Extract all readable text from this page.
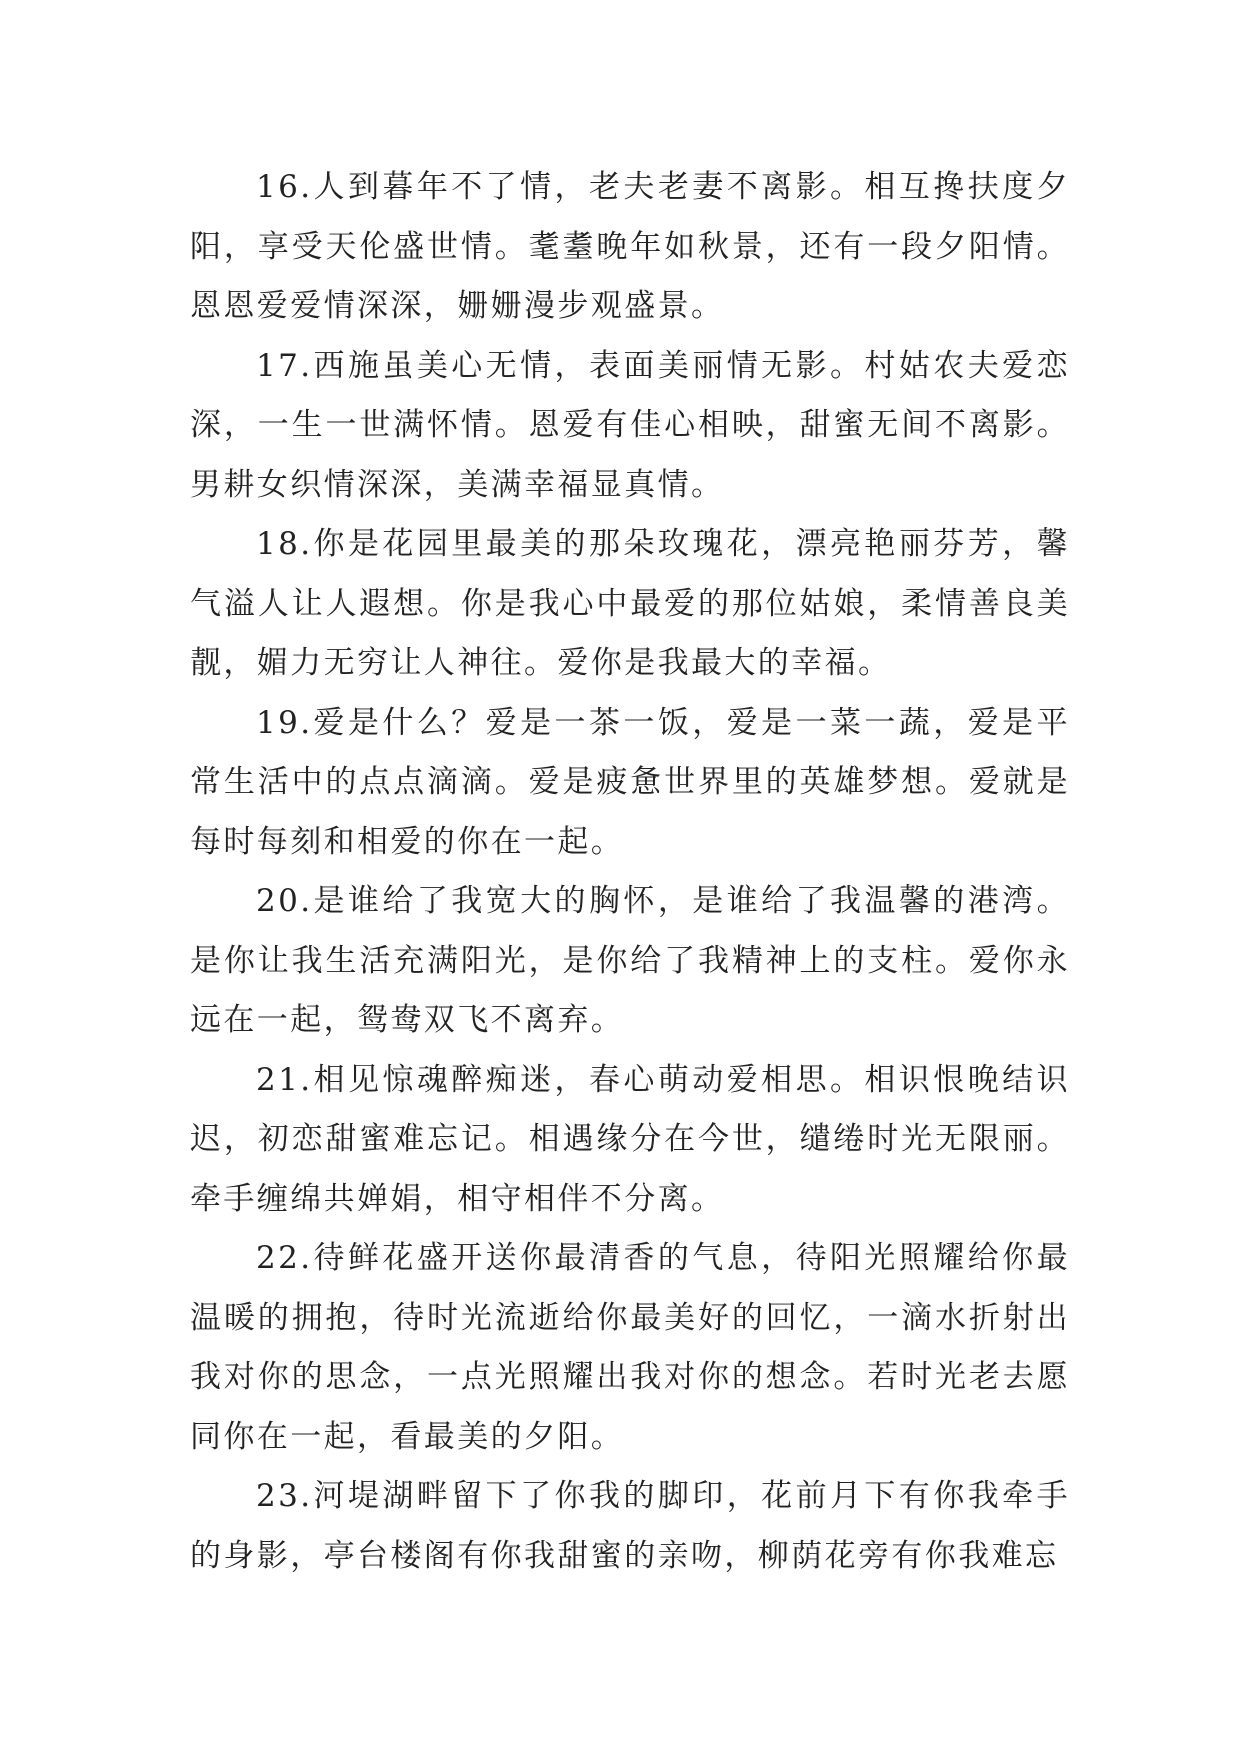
16.人到暮年不了情，老夫老妻不离影。相互搀扶度夕阳，享受天伦盛世情。耄耋晚年如秋景，还有一段夕阳情。恩恩爱爱情深深，姗姗漫步观盛景。

17.西施虽美心无情，表面美丽情无影。村姑农夫爱恋深，一生一世满怀情。恩爱有佳心相映，甜蜜无间不离影。男耕女织情深深，美满幸福显真情。

18.你是花园里最美的那朵玫瑰花，漂亮艳丽芬芳，馨气溢人让人遐想。你是我心中最爱的那位姑娘，柔情善良美靓，媚力无穷让人神往。爱你是我最大的幸福。

19.爱是什么？爱是一茶一饭，爱是一菜一蔬，爱是平常生活中的点点滴滴。爱是疲惫世界里的英雄梦想。爱就是每时每刻和相爱的你在一起。

20.是谁给了我宽大的胸怀，是谁给了我温馨的港湾。是你让我生活充满阳光，是你给了我精神上的支柱。爱你永远在一起，鸳鸯双飞不离弃。

21.相见惊魂醉痴迷，春心萌动爱相思。相识恨晚结识迟，初恋甜蜜难忘记。相遇缘分在今世，缱绻时光无限丽。牵手缠绵共婵娟，相守相伴不分离。

22.待鲜花盛开送你最清香的气息，待阳光照耀给你最温暖的拥抱，待时光流逝给你最美好的回忆，一滴水折射出我对你的思念，一点光照耀出我对你的想念。若时光老去愿同你在一起，看最美的夕阳。

23.河堤湖畔留下了你我的脚印，花前月下有你我牵手的身影，亭台楼阁有你我甜蜜的亲吻，柳荫花旁有你我难忘
